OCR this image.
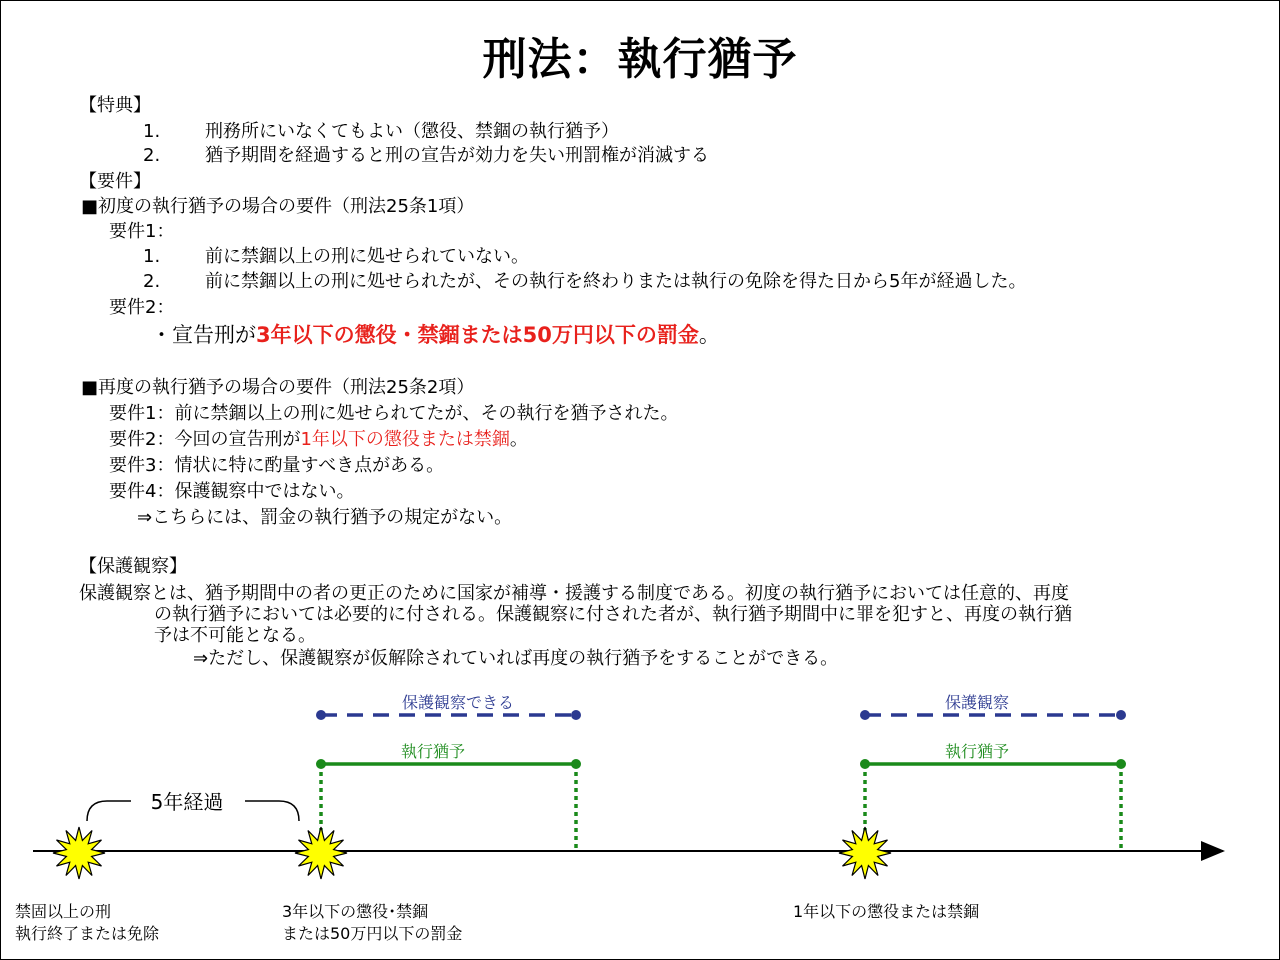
刑法：執行猶予
【特典】
1. 刑務所にいなくてもよい（懲役、禁錮の執行猶予）
2. 猶予期間を経過すると刑の宣告が効力を失い刑罰権が消滅する
【要件】
■初度の執行猶予の場合の要件（刑法25条1項）
要件1：
1. 前に禁錮以上の刑に処せられていない。
2. 前に禁錮以上の刑に処せられたが、その執行を終わりまたは執行の免除を得た日から5年が経過した。
要件2：
・宣告刑が3年以下の懲役・禁錮または50万円以下の罰金。
■再度の執行猶予の場合の要件（刑法25条2項）
要件1：前に禁錮以上の刑に処せられてたが、その執行を猶予された。
要件2：今回の宣告刑が1年以下の懲役または禁錮。
要件3：情状に特に酌量すべき点がある。
要件4：保護観察中ではない。
⇒こちらには、罰金の執行猶予の規定がない。
【保護観察】
保護観察とは、猶予期間中の者の更正のために国家が補導・援護する制度である。初度の執行猶予においては任意的、再度
の執行猶予においては必要的に付される。保護観察に付された者が、執行猶予期間中に罪を犯すと、再度の執行猶
予は不可能となる。
⇒ただし、保護観察が仮解除されていれば再度の執行猶予をすることができる。
5年経過
保護観察できる
執行猶予
保護観察
執行猶予
禁固以上の刑
執行終了または免除
3年以下の懲役･禁錮
または50万円以下の罰金
1年以下の懲役または禁錮
